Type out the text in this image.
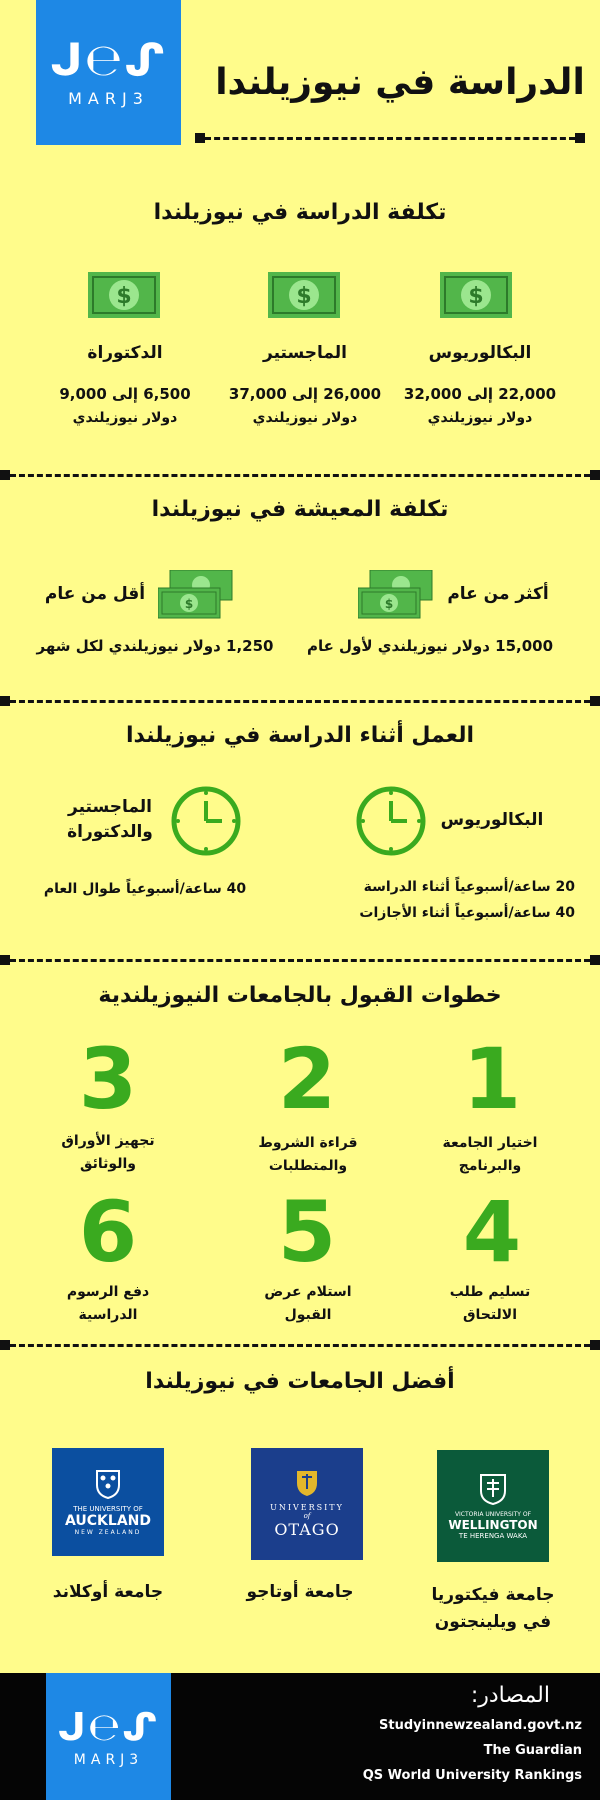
ᒍ℮ᔑ
MARJ3	الدراسة في نيوزيلندا
تكلفة الدراسة في نيوزيلندا
$
$
$
البكالوريوس
الماجستير
الدكتوراة
22,000 إلى 32,000
26,000 إلى 37,000
6,500 إلى 9,000
دولار نيوزيلندي
دولار نيوزيلندي
دولار نيوزيلندي
تكلفة المعيشة في نيوزيلندا
$
$	أكثر من عام
أقل من عام
15,000 دولار نيوزيلندي لأول عام
1,250 دولار نيوزيلندي لكل شهر
العمل أثناء الدراسة في نيوزيلندا
البكالوريوس
الماجستير
والدكتوراة
20 ساعة/أسبوعياً أثناء الدراسة
40 ساعة/أسبوعياً أثناء الأجازات
40 ساعة/أسبوعياً طوال العام
خطوات القبول بالجامعات النيوزيلندية
1
2
3
اختيار الجامعة
والبرنامج
قراءة الشروط
والمتطلبات
تجهيز الأوراق
والوثائق
4
5
6
تسليم طلب
الالتحاق
استلام عرض
القبول
دفع الرسوم
الدراسية
أفضل الجامعات في نيوزيلندا
VICTORIA UNIVERSITY OF
WELLINGTON
TE HERENGA WAKA
UNIVERSITY
of
OTAGO
THE UNIVERSITY OF
AUCKLAND
NEW ZEALAND
جامعة فيكتوريا
في ويلينجتون
جامعة أوتاجو
جامعة أوكلاند
ᒍ℮ᔑ
MARJ3
المصادر:
Studyinnewzealand.govt.nz
The Guardian
QS World University Rankings
